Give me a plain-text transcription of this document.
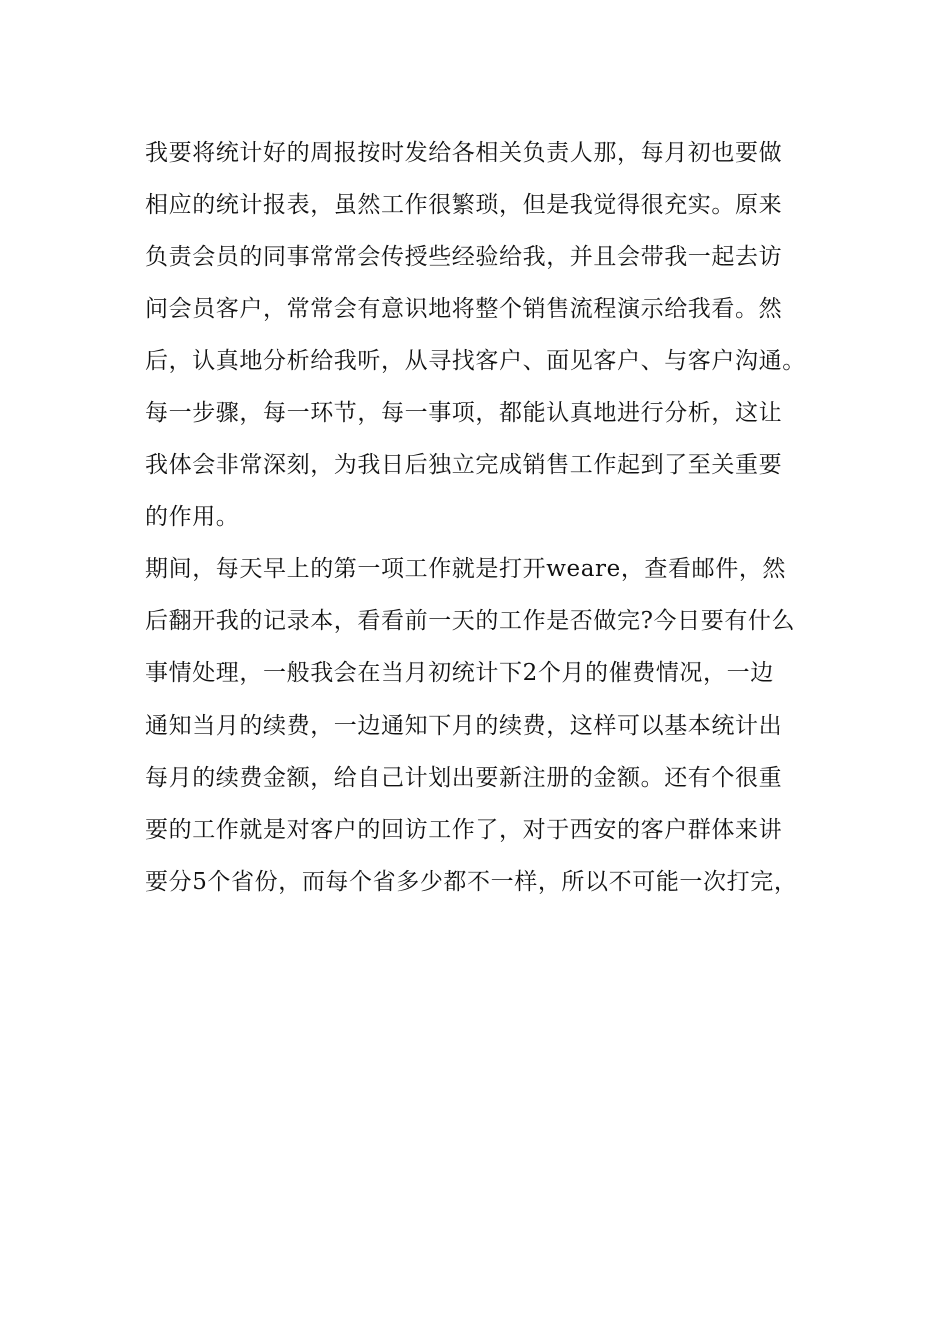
我要将统计好的周报按时发给各相关负责人那，每月初也要做
相应的统计报表，虽然工作很繁琐，但是我觉得很充实。原来
负责会员的同事常常会传授些经验给我，并且会带我一起去访
问会员客户，常常会有意识地将整个销售流程演示给我看。然
后，认真地分析给我听，从寻找客户、面见客户、与客户沟通。
每一步骤，每一环节，每一事项，都能认真地进行分析，这让
我体会非常深刻，为我日后独立完成销售工作起到了至关重要
的作用。
期间，每天早上的第一项工作就是打开weare，查看邮件，然
后翻开我的记录本，看看前一天的工作是否做完?今日要有什么
事情处理，一般我会在当月初统计下2个月的催费情况，一边
通知当月的续费，一边通知下月的续费，这样可以基本统计出
每月的续费金额，给自己计划出要新注册的金额。还有个很重
要的工作就是对客户的回访工作了，对于西安的客户群体来讲
要分5个省份，而每个省多少都不一样，所以不可能一次打完，
